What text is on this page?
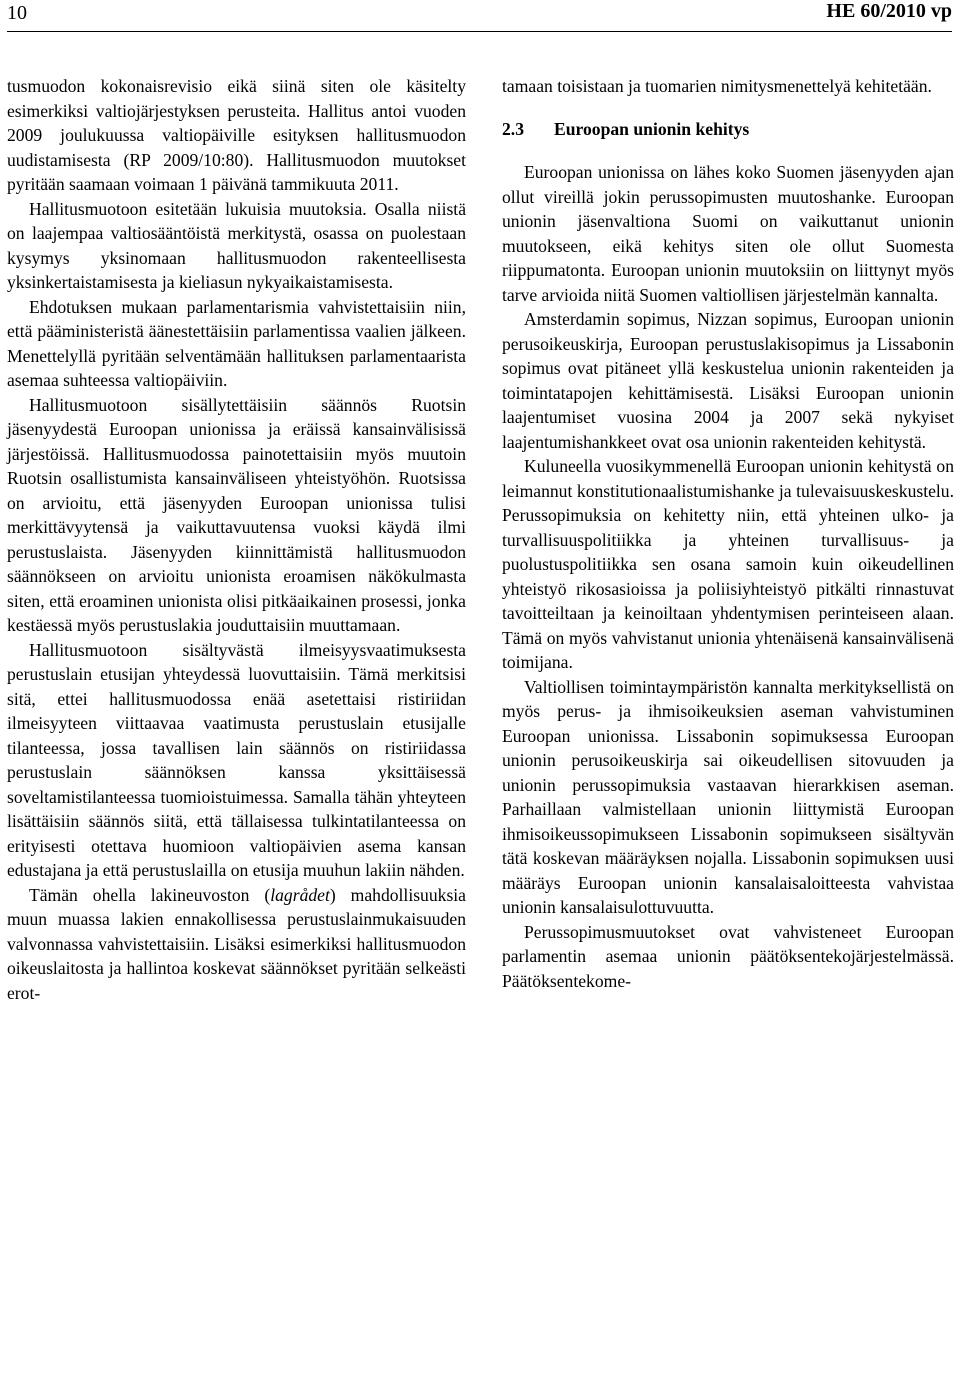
10	HE 60/2010 vp

tusmuodon kokonaisrevisio eikä siinä siten ole käsitelty esimerkiksi valtiojärjestyksen perusteita. Hallitus antoi vuoden 2009 joulukuussa valtiopäiville esityksen hallitusmuodon uudistamisesta (RP 2009/10:80). Hallitusmuodon muutokset pyritään saamaan voimaan 1 päivänä tammikuuta 2011.

Hallitusmuotoon esitetään lukuisia muutoksia. Osalla niistä on laajempaa valtiosääntöistä merkitystä, osassa on puolestaan kysymys yksinomaan hallitusmuodon rakenteellisesta yksinkertaistamisesta ja kieliasun nykyaikaistamisesta.

Ehdotuksen mukaan parlamentarismia vahvistettaisiin niin, että pääministeristä äänestettäisiin parlamentissa vaalien jälkeen. Menettelyllä pyritään selventämään hallituksen parlamentaarista asemaa suhteessa valtiopäiviin.

Hallitusmuotoon sisällytettäisiin säännös Ruotsin jäsenyydestä Euroopan unionissa ja eräissä kansainvälisissä järjestöissä. Hallitusmuodossa painotettaisiin myös muutoin Ruotsin osallistumista kansainväliseen yhteistyöhön. Ruotsissa on arvioitu, että jäsenyyden Euroopan unionissa tulisi merkittävyytensä ja vaikuttavuutensa vuoksi käydä ilmi perustuslaista. Jäsenyyden kiinnittämistä hallitusmuodon säännökseen on arvioitu unionista eroamisen näkökulmasta siten, että eroaminen unionista olisi pitkäaikainen prosessi, jonka kestäessä myös perustuslakia jouduttaisiin muuttamaan.

Hallitusmuotoon sisältyvästä ilmeisyysvaatimuksesta perustuslain etusijan yhteydessä luovuttaisiin. Tämä merkitsisi sitä, ettei hallitusmuodossa enää asetettaisi ristiriidan ilmeisyyteen viittaavaa vaatimusta perustuslain etusijalle tilanteessa, jossa tavallisen lain säännös on ristiriidassa perustuslain säännöksen kanssa yksittäisessä soveltamistilanteessa tuomioistuimessa. Samalla tähän yhteyteen lisättäisiin säännös siitä, että tällaisessa tulkintatilanteessa on erityisesti otettava huomioon valtiopäivien asema kansan edustajana ja että perustuslailla on etusija muuhun lakiin nähden.

Tämän ohella lakineuvoston (lagrådet) mahdollisuuksia muun muassa lakien ennakollisessa perustuslainmukaisuuden valvonnassa vahvistettaisiin. Lisäksi esimerkiksi hallitusmuodon oikeuslaitosta ja hallintoa koskevat säännökset pyritään selkeästi erot-

tamaan toisistaan ja tuomarien nimitysmenettelyä kehitetään.

2.3 Euroopan unionin kehitys

Euroopan unionissa on lähes koko Suomen jäsenyyden ajan ollut vireillä jokin perussopimusten muutoshanke. Euroopan unionin jäsenvaltiona Suomi on vaikuttanut unionin muutokseen, eikä kehitys siten ole ollut Suomesta riippumatonta. Euroopan unionin muutoksiin on liittynyt myös tarve arvioida niitä Suomen valtiollisen järjestelmän kannalta.

Amsterdamin sopimus, Nizzan sopimus, Euroopan unionin perusoikeuskirja, Euroopan perustuslakisopimus ja Lissabonin sopimus ovat pitäneet yllä keskustelua unionin rakenteiden ja toimintatapojen kehittämisestä. Lisäksi Euroopan unionin laajentumiset vuosina 2004 ja 2007 sekä nykyiset laajentumishankkeet ovat osa unionin rakenteiden kehitystä.

Kuluneella vuosikymmenellä Euroopan unionin kehitystä on leimannut konstitutionaalistumishanke ja tulevaisuuskeskustelu. Perussopimuksia on kehitetty niin, että yhteinen ulko- ja turvallisuuspolitiikka ja yhteinen turvallisuus- ja puolustuspolitiikka sen osana samoin kuin oikeudellinen yhteistyö rikosasioissa ja poliisiyhteistyö pitkälti rinnastuvat tavoitteiltaan ja keinoiltaan yhdentymisen perinteiseen alaan. Tämä on myös vahvistanut unionia yhtenäisenä kansainvälisenä toimijana.

Valtiollisen toimintaympäristön kannalta merkityksellistä on myös perus- ja ihmisoikeuksien aseman vahvistuminen Euroopan unionissa. Lissabonin sopimuksessa Euroopan unionin perusoikeuskirja sai oikeudellisen sitovuuden ja unionin perussopimuksia vastaavan hierarkkisen aseman. Parhaillaan valmistellaan unionin liittymistä Euroopan ihmisoikeussopimukseen Lissabonin sopimukseen sisältyvän tätä koskevan määräyksen nojalla. Lissabonin sopimuksen uusi määräys Euroopan unionin kansalaisaloitteesta vahvistaa unionin kansalaisulottuvuutta.

Perussopimusmuutokset ovat vahvisteneet Euroopan parlamentin asemaa unionin päätöksentekojärjestelmässä. Päätöksentekome-
